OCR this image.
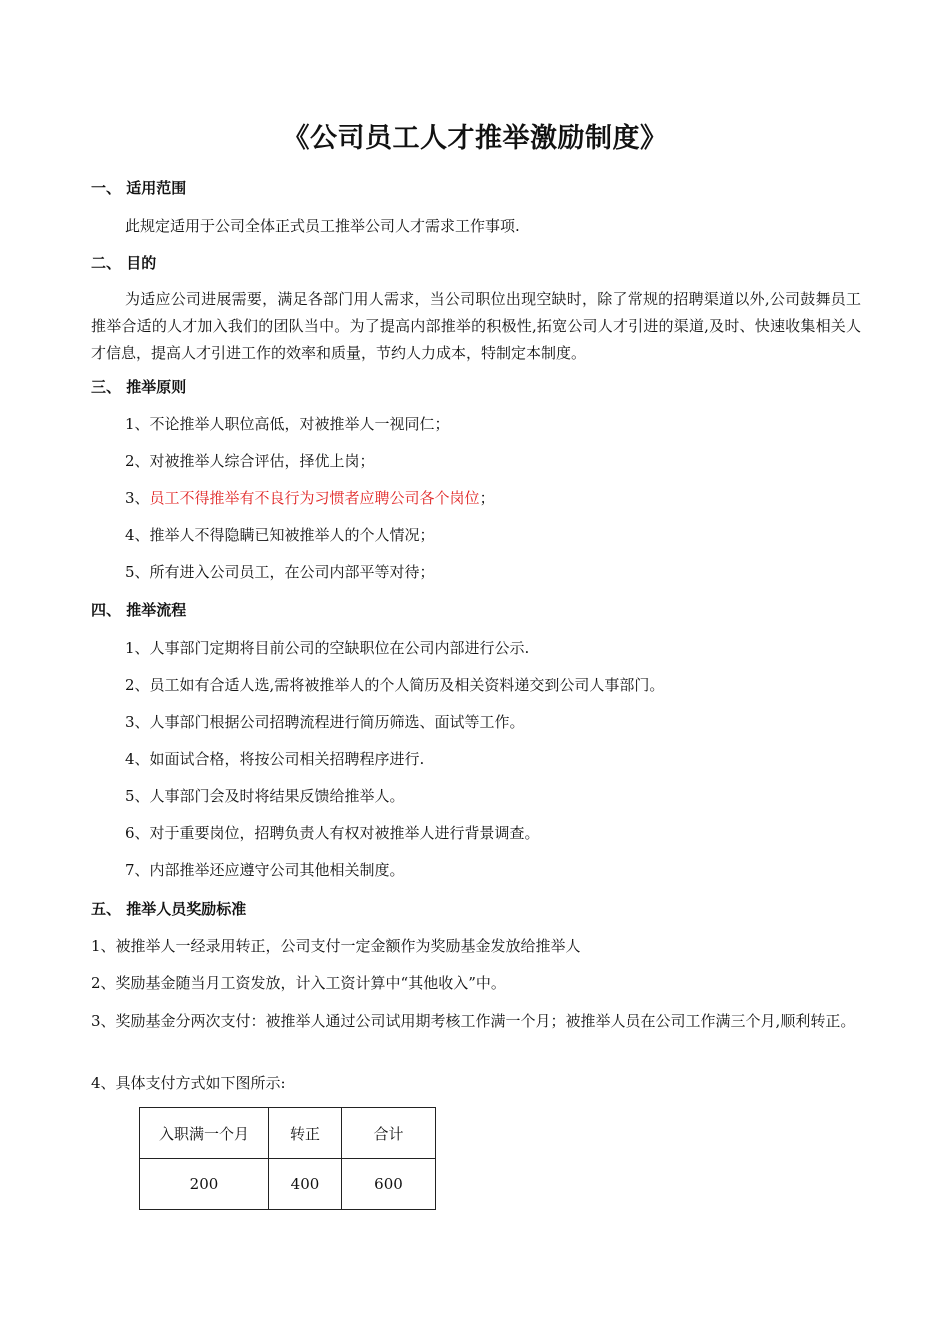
《公司员工人才推举激励制度》
一、 适用范围
此规定适用于公司全体正式员工推举公司人才需求工作事项.
二、 目的
为适应公司进展需要，满足各部门用人需求，当公司职位出现空缺时，除了常规的招聘渠道以外,公司鼓舞员工推举合适的人才加入我们的团队当中。为了提高内部推举的积极性,拓宽公司人才引进的渠道,及时、快速收集相关人才信息，提高人才引进工作的效率和质量，节约人力成本，特制定本制度。
三、 推举原则
1、不论推举人职位高低，对被推举人一视同仁；
2、对被推举人综合评估，择优上岗；
3、员工不得推举有不良行为习惯者应聘公司各个岗位；
4、推举人不得隐瞒已知被推举人的个人情况；
5、所有进入公司员工，在公司内部平等对待；
四、 推举流程
1、人事部门定期将目前公司的空缺职位在公司内部进行公示.
2、员工如有合适人选,需将被推举人的个人简历及相关资料递交到公司人事部门。
3、人事部门根据公司招聘流程进行简历筛选、面试等工作。
4、如面试合格，将按公司相关招聘程序进行.
5、人事部门会及时将结果反馈给推举人。
6、对于重要岗位，招聘负责人有权对被推举人进行背景调查。
7、内部推举还应遵守公司其他相关制度。
五、 推举人员奖励标准
1、被推举人一经录用转正，公司支付一定金额作为奖励基金发放给推举人
2、奖励基金随当月工资发放，计入工资计算中“其他收入”中。
3、奖励基金分两次支付：被推举人通过公司试用期考核工作满一个月；被推举人员在公司工作满三个月,顺利转正。
4、具体支付方式如下图所示:
入职满一个月	转正	合计
200	400	600
